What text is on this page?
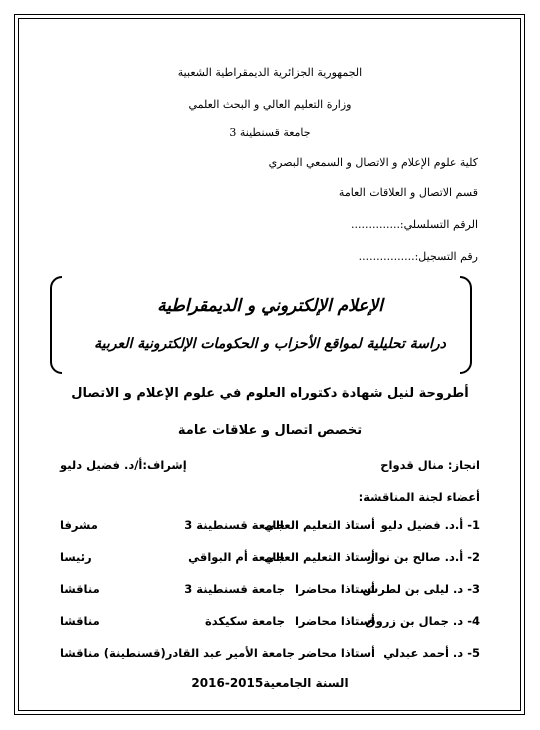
الجمهورية الجزائرية الديمقراطية الشعبية
وزارة التعليم العالي و البحث العلمي
جامعة قسنطينة 3
كلية علوم الإعلام و الاتصال و السمعي البصري
قسم الاتصال و العلاقات العامة
الرقم التسلسلي:..............
رقم التسجيل:................
الإعلام الإلكتروني و الديمقراطية
دراسة تحليلية لمواقع الأحزاب و الحكومات الإلكترونية العربية
أطروحة لنيل شهادة دكتوراه العلوم في علوم الإعلام و الاتصال
تخصص اتصال و علاقات عامة
انجاز: منال قدواح
إشراف:أ/د. فضيل دليو
أعضاء لجنة المناقشة:
1- أ.د. فضيل دليو
أستاذ التعليم العالي
جامعة قسنطينة 3
مشرفا
2- أ.د. صالح بن نوار
أستاذ التعليم العالي
جامعة أم البواقي
رئيسا
3- د. ليلى بن لطرش
أستاذا محاضرا
جامعة قسنطينة 3
مناقشا
4- د. جمال بن زروق
أستاذا محاضرا
جامعة سكيكدة
مناقشا
5- د. أحمد عبدلي
أستاذا محاضر
جامعة الأمير عبد القادر(قسنطينة)
مناقشا
السنة الجامعية2015-2016
